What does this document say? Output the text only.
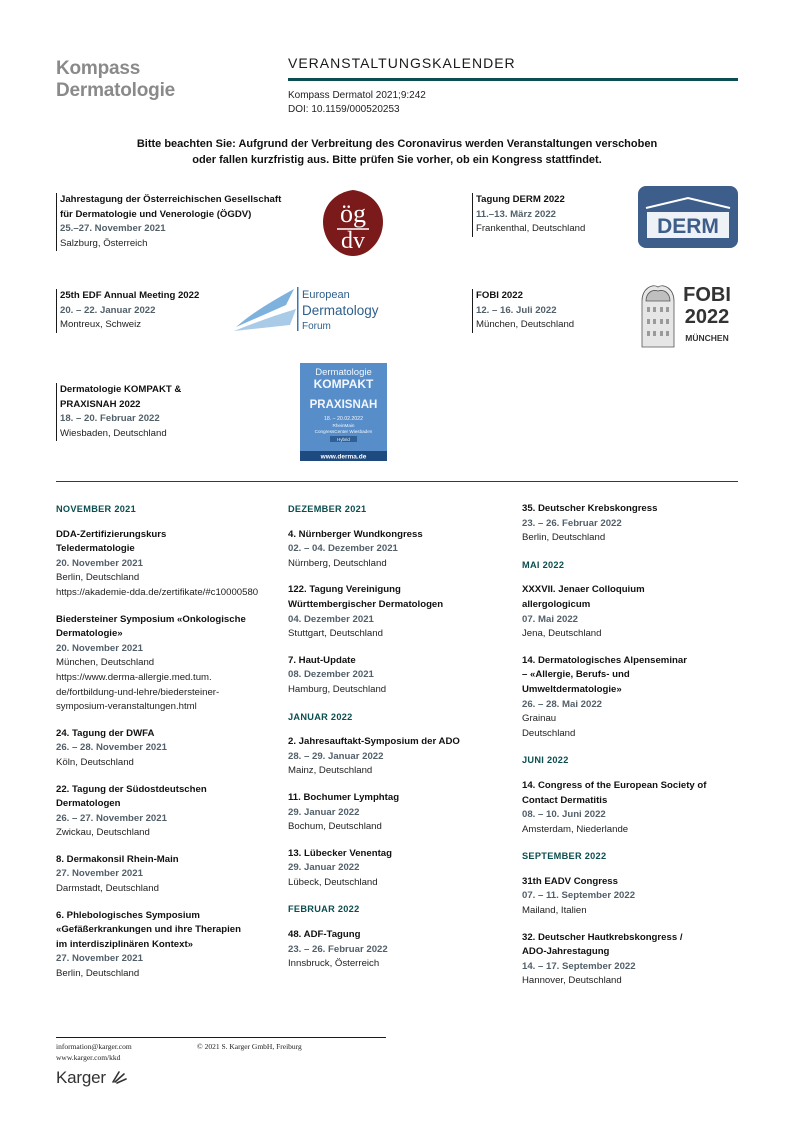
Kompass
Dermatologie
VERANSTALTUNGSKALENDER
Kompass Dermatol 2021;9:242
DOI: 10.1159/000520253
Bitte beachten Sie: Aufgrund der Verbreitung des Coronavirus werden Veranstaltungen verschoben
oder fallen kurzfristig aus. Bitte prüfen Sie vorher, ob ein Kongress stattfindet.
Jahrestagung der Österreichischen Gesellschaft
für Dermatologie und Venerologie (ÖGDV)
25.–27. November 2021
Salzburg, Österreich
ög
dv
Tagung DERM 2022
11.–13. März 2022
Frankenthal, Deutschland	DERM
25th EDF Annual Meeting 2022
20. – 22. Januar 2022
Montreux, Schweiz
European
Dermatology
Forum
FOBI 2022
12. – 16. Juli 2022
München, Deutschland
FOBI
2022
MÜNCHEN
Dermatologie KOMPAKT &
PRAXISNAH 2022
18. – 20. Februar 2022
Wiesbaden, Deutschland
Dermatologie
KOMPAKT
PRAXISNAH
18. – 20.02.2022
RheinMain
CongressCenter Wiesbaden
Hybrid
www.derma.de
NOVEMBER 2021
DDA-Zertifizierungskurs
Teledermatologie
20. November 2021
Berlin, Deutschland
https://akademie-dda.de/zertifikate/#c10000580
Biedersteiner Symposium «Onkologische
Dermatologie»
20. November 2021
München, Deutschland
https://www.derma-allergie.med.tum.
de/fortbildung-und-lehre/biedersteiner-
symposium-veranstaltungen.html
24. Tagung der DWFA
26. – 28. November 2021
Köln, Deutschland
22. Tagung der Südostdeutschen
Dermatologen
26. – 27. November 2021
Zwickau, Deutschland
8. Dermakonsil Rhein-Main
27. November 2021
Darmstadt, Deutschland
6. Phlebologisches Symposium
«Gefäßerkrankungen und ihre Therapien
im interdisziplinären Kontext»
27. November 2021
Berlin, Deutschland
DEZEMBER 2021
4. Nürnberger Wundkongress
02. – 04. Dezember 2021
Nürnberg, Deutschland
122. Tagung Vereinigung
Württembergischer Dermatologen
04. Dezember 2021
Stuttgart, Deutschland
7. Haut-Update
08. Dezember 2021
Hamburg, Deutschland
JANUAR 2022
2. Jahresauftakt-Symposium der ADO
28. – 29. Januar 2022
Mainz, Deutschland
11. Bochumer Lymphtag
29. Januar 2022
Bochum, Deutschland
13. Lübecker Venentag
29. Januar 2022
Lübeck, Deutschland
FEBRUAR 2022
48. ADF-Tagung
23. – 26. Februar 2022
Innsbruck, Österreich
35. Deutscher Krebskongress
23. – 26. Februar 2022
Berlin, Deutschland
MAI 2022
XXXVII. Jenaer Colloquium
allergologicum
07. Mai 2022
Jena, Deutschland
14. Dermatologisches Alpenseminar
– «Allergie, Berufs- und
Umweltdermatologie»
26. – 28. Mai 2022
Grainau
Deutschland
JUNI 2022
14. Congress of the European Society of
Contact Dermatitis
08. – 10. Juni 2022
Amsterdam, Niederlande
SEPTEMBER 2022
31th EADV Congress
07. – 11. September 2022
Mailand, Italien
32. Deutscher Hautkrebskongress /
ADO-Jahrestagung
14. – 17. September 2022
Hannover, Deutschland
information@karger.com
www.karger.com/kkd
© 2021 S. Karger GmbH, Freiburg
Karger
